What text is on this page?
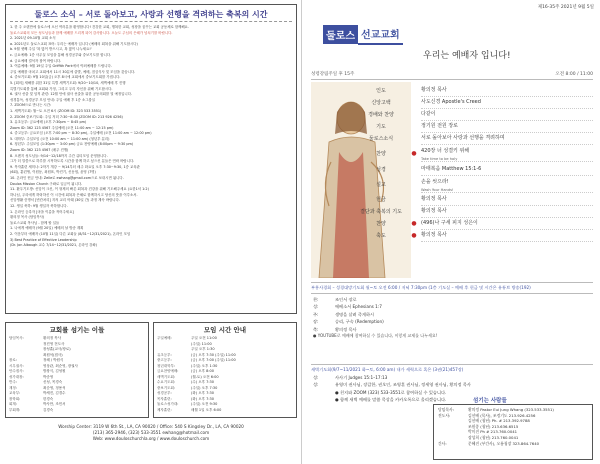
둘로스 소식 – 서로 돌아보고, 사랑과 선행을 격려하는 축복의 시간
1. 한 주 오랜만에 둘로스에 오신 여러분을 환영합니다! 건강한 교회, 행복한 교회, 성장을 꿈꾸는 교회 공동체로 함께해요.
둘로스교회의 모든 성도님들과 함께 예배를 드리게 되어 감사합니다. 오늘도 주님의 은혜가 넘치기를 바랍니다.
2. 2021년 09-10월 교회 소식
a. 2021년도 둘로스교회 표어: 우리는 예배자 입니다 (예배의 회복을 위해 기도합시다)
b. 9월 셋째 주일 '복 많이 받으시고, 복 많이 나누세요!'
c. 금요예배: 1층 사무실 모임을 통해 성경공부와 중보기도를 합니다.
d. 금요예배 결석자 참여 바랍니다.
3. 여름예배: 9월 19일 주일 Griffith Park에서 야외예배를 드립니다.
주일 예배를 마치고 교회에서 11시 30분에 출발, 예배, 점심식사 및 모임을 갖습니다.
4. 중보기도회: 9월 10일(금) 오후 8시에 교회에서 중보기도회를 가집니다.
5. [회의] 새해를 위한 31일 특별 새벽기도회: 9/20~10/10, 새벽예배 후 진행
특별기도회를 통해 교회와 가정, 그리고 우리 자신을 위해 기도합시다.
6. 권사 선출 및 임직 관련: 12월 안에 권사 선출을 위한 공동의회를 열 예정입니다.
성경통독, 성경공부 모임 안내: 주일 예배 후 1층 소그룹실
7. ZOOM으로 만나는 시간:
1. 새벽기도회: 월~토 오전 6시 (ZOOM ID: 323 533 3551)
2. ZOOM 중보기도회: 주일 저녁 7:30~8:30 (ZOOM ID: 213 926 4256)
3. 유초등부: 금요예배 (오후 7:30pm ~ 8:45 pm)
Zoom ID: 362 123 4567 주일예배 (오전 11:00 am ~ 12:15 pm)
4. 중고등부: 금요모임 (오후 7:00 pm ~ 8:30 pm), 주일예배 (오전 11:00 am ~ 12:00 pm)
5. 대학부: 주일모임 (오전 10:00 am ~ 11:00 am) (청년부 분리)
6. 청년부: 주일모임 (1:30pm ~ 3:00 pm) 금요 찬양예배 (8:00pm ~ 9:30 pm)
Zoom ID: 362 123 4567 (매주 진행)
8. 오렌지 성도님들: 9/14~12/18까지 주간 큐티모임 운영합니다.
그가 더 말씀으로 하루를 시작하도록 시간을 함께 하고 싶으신 분들은 연락 바랍니다.
9. 목자훈련 세미나: 2학기 개강 ~ 9/14부터 매주 화요일 오후 7:30~9:30, 1층 교육관
(6회), 훈련생, 이원동, 최원표, 박진기, 신동엽, 윤영 (7명)
10. 온라인 헌금 안내: Zelle로 ewhang@gmail.com으로 보내시면 됩니다.
Doulos Mission Church 구좌로 입금이 됩니다.
11. 환우기도방: 신앙이 크신, 이 형제의 빠른 회복과 건강을 위해 기도해주세요 (요한1서 1:2)
하나님, 우리에게 허락하신 이 시간에 회복과 은혜로 함께하시고 당신의 뜻을 이루소서.
신앙생활 증명서 [빈칸처리] 지켜 교리 아래 (30일 간) 과정 계속 바랍니다.
12. 생일 축하: 9월 생일자 축하합니다.
1. 온라인 등록자 [마을 이름을 적어주세요]
황의정 목사 (담임목사)
둘로스교회 목사님 - 함께 할 일들
1. 나에게 예배자 (9월 20일) 예배의 날 방송 계획
2. 이음부터 예배자 (10월 11일) 다른 교회들 (8/31~12/31/2021), 온라인 모임
3) Best Practice of Effective Leadership
(Dr. Jon Albaugh 교수 7/14~12/31/2021, 온라인 강좌)
교회를 섬기는 이들
담임목사:	황의정 목사
정진영 전도사
장성훈(교사/장로)
최원석(집사)
장로:	정혜 / 박원식
시무권사:	영상관, 최순영, 장권사
안수집사:	방창식, 김성원
성가대장:	박준영
반주:	신성, 목경숙
재정:	최순영, 정용석
교육부:	박세진, 김경수
장학회:	한경숙
회계:	박사만, 조민서
부회계:	김경숙
모임 시간 안내
주일예배:	주일 오전 11:00
(주일) 11:00
주일 오후 1:30
유초등부:	(금) 오후 7:30 (주일) 11:00
중고등부:	(금) 오후 7:00 (주일) 11:00
청년대학부:	(주일) 오후 1:30
금요찬양예배:	(금) 오후 8:00
새벽기도회:	(월-토) 오전 6:00
수요기도회:	(수) 오후 7:30
중보기도회:	(주일) 오후 7:30
성경공부:	(화) 오후 7:30
목자훈련:	(화) 오후 7:30
둘로스성가대:	(주일) 오전 9:30
제자훈련:	매월 1일 오후 6:00
Worship Center: 3119 W 6th St., LA, CA 90020 / Office: 540 S Kingsley Dr., LA, CA 90020
(213) 365-2946, (323) 533-3551 ewhang@hotmail.com
Web: www.douloschurchla.org / www.douloschurch.com
제16-35주 2021년 9월 5일
둘로스 선교교회
우리는 예배자 입니다!
성령강림주일 후 15주	오전 8:00 / 11:00
인도	황의정 목사
신앙고백	사도신경 Apostle's Creed
경배와 찬양	다같이
기도	정기원 전원 장로
둘로스소식	서로 돌아보아 사랑과 선행을 격려하며
찬양	● 420장 너 성결키 위해
Take time to be holy
성경	마태복음 Matthew 15:1-6
설교	손을 씻으라!
Wash Your Hands!
헌금	황의정 목사
결단과 축복의 기도	황의정 목사
찬양	● (496)나 구세 피지 성은이
축도	● 황의정 목사
부흥사경회 – 성경대망기도회 월~토 오전 6:00 / 저녁 7:30pm (1층 기도실 – 예배 후 헌금 및 시간은 유튜브 방송(192)
찬:	조인서 장로
성:	에베소서 Ephesians 1:7
주:	생명을 살려 죽게하시
장:	승리, 구속 (Redemption)
축:	황의정 목사
● YOUTUBE로 예배에 참여하실 수 있습니다, 이렇게 교제를 나누세요!
새벽기도회(9/7~11/2021 화~토, 6:00 am) 내가 세력으로 혹은 (3권(21)457장)
성:	사사기 Judges 15:1–17:13
성:	유영미 권사님, 장갑한, 권오인, 조영훈 권사님, 정세영 권사님, 황의정 목사
● 친지와 ZOOM (323) 533-3551로 참여하실 수 있습니다.
● 함께 새벽 예배를 말씀 묵상을 카카오톡으로 올리겠습니다.	섬기는 사람들
담임목사:	황의정 Pastor Eui Jung Whang (323.533.3551)
전도사:	김선배 (목사), 조정기도 213.926.4256
김선배 (청년) Ph. # 213.392.9788
조원종 (청년) 213.636.6515
박미진 Ph # 213.760.0041
장성희 (청년) 213.760.0041
간사:	문혜진 (부간사), 오름청장 323.864.7640
